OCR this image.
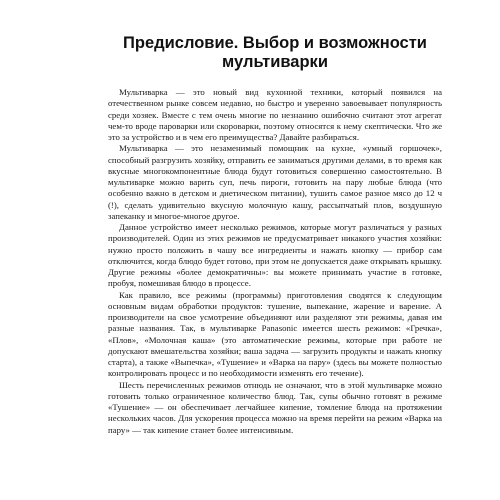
Предисловие. Выбор и возможности
мультиварки

Мультиварка — это новый вид кухонной техники, который появился на отечественном рынке совсем недавно, но быстро и уверенно завоевывает популярность среди хозяек. Вместе с тем очень многие по незнанию ошибочно считают этот агрегат чем-то вроде пароварки или скороварки, поэтому относятся к нему скептически. Что же это за устройство и в чем его преимущества? Давайте разбираться.

Мультиварка — это незаменимый помощник на кухне, «умный горшочек», способный разгрузить хозяйку, отправить ее заниматься другими делами, в то время как вкусные многокомпонентные блюда будут готовиться совершенно самостоятельно. В мультиварке можно варить суп, печь пироги, готовить на пару любые блюда (что особенно важно в детском и диетическом питании), тушить самое разное мясо до 12 ч (!), сделать удивительно вкусную молочную кашу, рассыпчатый плов, воздушную запеканку и многое-многое другое.

Данное устройство имеет несколько режимов, которые могут различаться у разных производителей. Один из этих режимов не предусматривает никакого участия хозяйки: нужно просто положить в чашу все ингредиенты и нажать кнопку — прибор сам отключится, когда блюдо будет готово, при этом не допускается даже открывать крышку. Другие режимы «более демократичны»: вы можете принимать участие в готовке, пробуя, помешивая блюдо в процессе.

Как правило, все режимы (программы) приготовления сводятся к следующим основным видам обработки продуктов: тушение, выпекание, жарение и варение. А производители на свое усмотрение объединяют или разделяют эти режимы, давая им разные названия. Так, в мультиварке Panasonic имеется шесть режимов: «Гречка», «Плов», «Молочная каша» (это автоматические режимы, которые при работе не допускают вмешательства хозяйки; ваша задача — загрузить продукты и нажать кнопку старта), а также «Выпечка», «Тушение» и «Варка на пару» (здесь вы можете полностью контролировать процесс и по необходимости изменять его течение).

Шесть перечисленных режимов отнюдь не означают, что в этой мультиварке можно готовить только ограниченное количество блюд. Так, супы обычно готовят в режиме «Тушение» — он обеспечивает легчайшее кипение, томление блюда на протяжении нескольких часов. Для ускорения процесса можно на время перейти на режим «Варка на пару» — так кипение станет более интенсивным.
